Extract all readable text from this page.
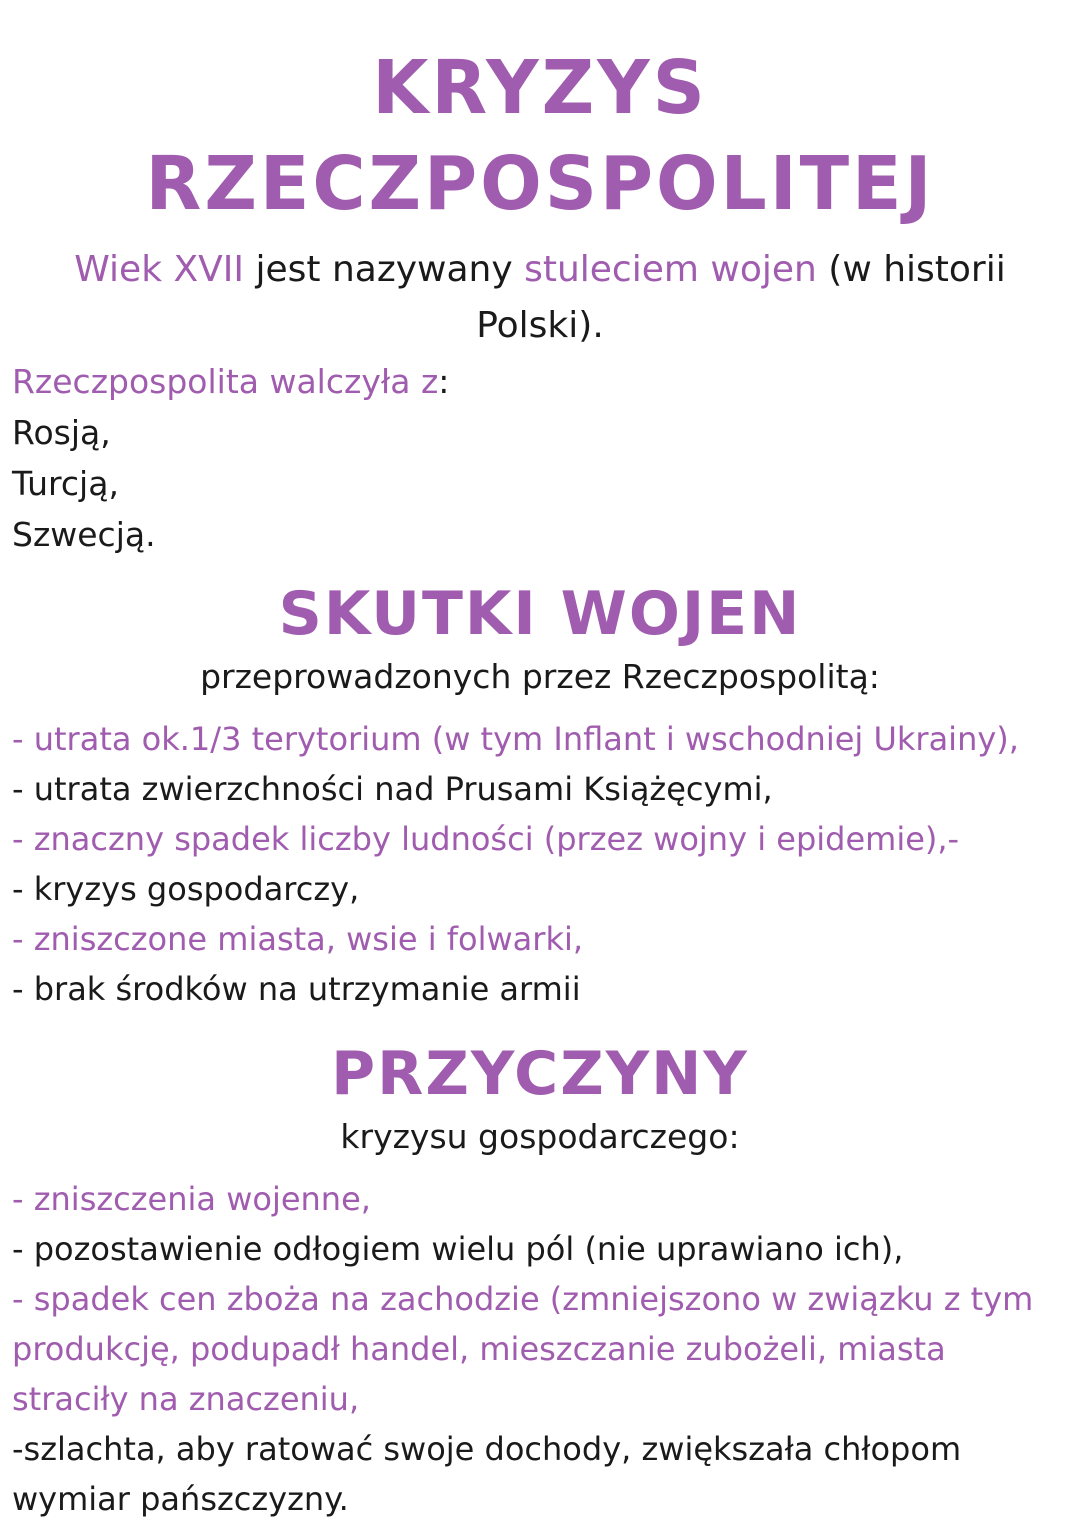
KRYZYS RZECZPOSPOLITEJ

Wiek XVII jest nazywany stuleciem wojen (w historii Polski).

Rzeczpospolita walczyła z:

Rosją,
Turcją,
Szwecją.
SKUTKI WOJEN

przeprowadzonych przez Rzeczpospolitą:

- utrata ok.1/3 terytorium (w tym Inflant i wschodniej Ukrainy),
- utrata zwierzchności nad Prusami Książęcymi,
- znaczny spadek liczby ludności (przez wojny i epidemie),-
- kryzys gospodarczy,
- zniszczone miasta, wsie i folwarki,
- brak środków na utrzymanie armii
PRZYCZYNY

kryzysu gospodarczego:

- zniszczenia wojenne,
- pozostawienie odłogiem wielu pól (nie uprawiano ich),
- spadek cen zboża na zachodzie (zmniejszono w związku z tym produkcję, podupadł handel, mieszczanie zubożeli, miasta straciły na znaczeniu,
-szlachta, aby ratować swoje dochody, zwiększała chłopom wymiar pańszczyzny.
